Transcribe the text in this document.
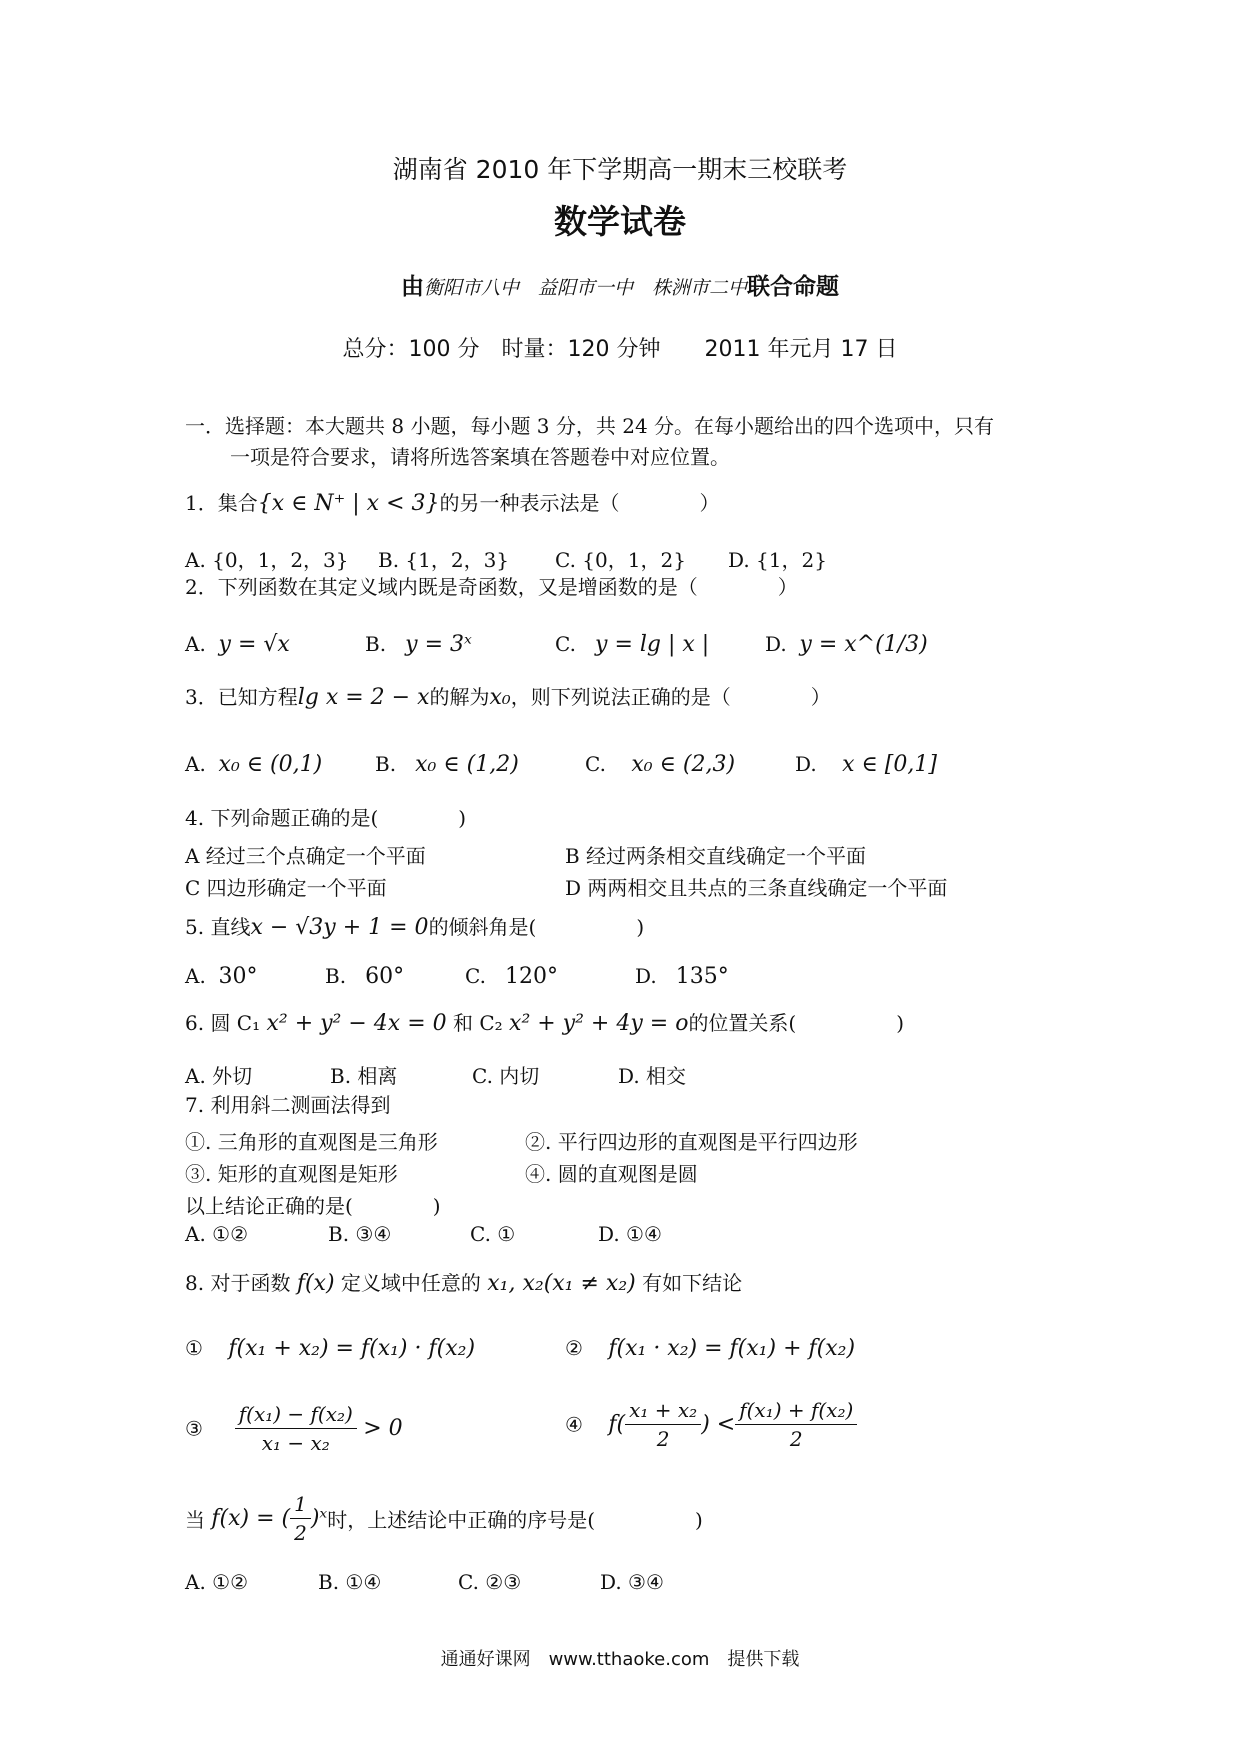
湖南省 2010 年下学期高一期末三校联考
数学试卷
由衡阳市八中　益阳市一中　株洲市二中联合命题
总分：100 分　时量：120 分钟　　2011 年元月 17 日
一．选择题：本大题共 8 小题，每小题 3 分，共 24 分。在每小题给出的四个选项中，只有
一项是符合要求，请将所选答案填在答题卷中对应位置。
1．集合{x ∈ N⁺ | x < 3}的另一种表示法是（　　　　）
A. {0，1，2，3} B. {1，2，3} C. {0，1，2} D. {1，2}
2．下列函数在其定义域内既是奇函数，又是增函数的是（　　　　）
A. y = √x	B. y = 3ˣ	C. y = lg | x |	D. y = x^(1/3)
3．已知方程lg x = 2 − x的解为x₀，则下列说法正确的是（　　　　）
A. x₀ ∈ (0,1)	B. x₀ ∈ (1,2)	C. x₀ ∈ (2,3)	D. x ∈ [0,1]
4. 下列命题正确的是(　　　　)
A 经过三个点确定一个平面	B 经过两条相交直线确定一个平面
C 四边形确定一个平面	D 两两相交且共点的三条直线确定一个平面
5. 直线x − √3y + 1 = 0的倾斜角是(　　　　　)
A. 30°	B. 60°	C. 120°	D. 135°
6. 圆 C₁ x² + y² − 4x = 0 和 C₂ x² + y² + 4y = o的位置关系(　　　　　)
A. 外切	B. 相离	C. 内切	D. 相交
7. 利用斜二测画法得到
①. 三角形的直观图是三角形	②. 平行四边形的直观图是平行四边形
③. 矩形的直观图是矩形	④. 圆的直观图是圆
以上结论正确的是(　　　　)
A. ①②	B. ③④	C. ①	D. ①④
8. 对于函数 f(x) 定义域中任意的 x₁, x₂(x₁ ≠ x₂) 有如下结论
① f(x₁ + x₂) = f(x₁) · f(x₂)	② f(x₁ · x₂) = f(x₁) + f(x₂)
③ $\frac{\text{f(x₁) − f(x₂)}}{\text{x₁ − x₂}} > 0$	④ $f( \frac{\text{x₁ + x₂}}{2}$ ) < $\frac{\text{f(x₁) + f(x₂)}}{2}$
当 f(x) = ( $\frac{1}{2}$ )ˣ时，上述结论中正确的序号是(　　　　　)
A. ①②	B. ①④	C. ②③	D. ③④
通通好课网　www.tthaoke.com　提供下载
